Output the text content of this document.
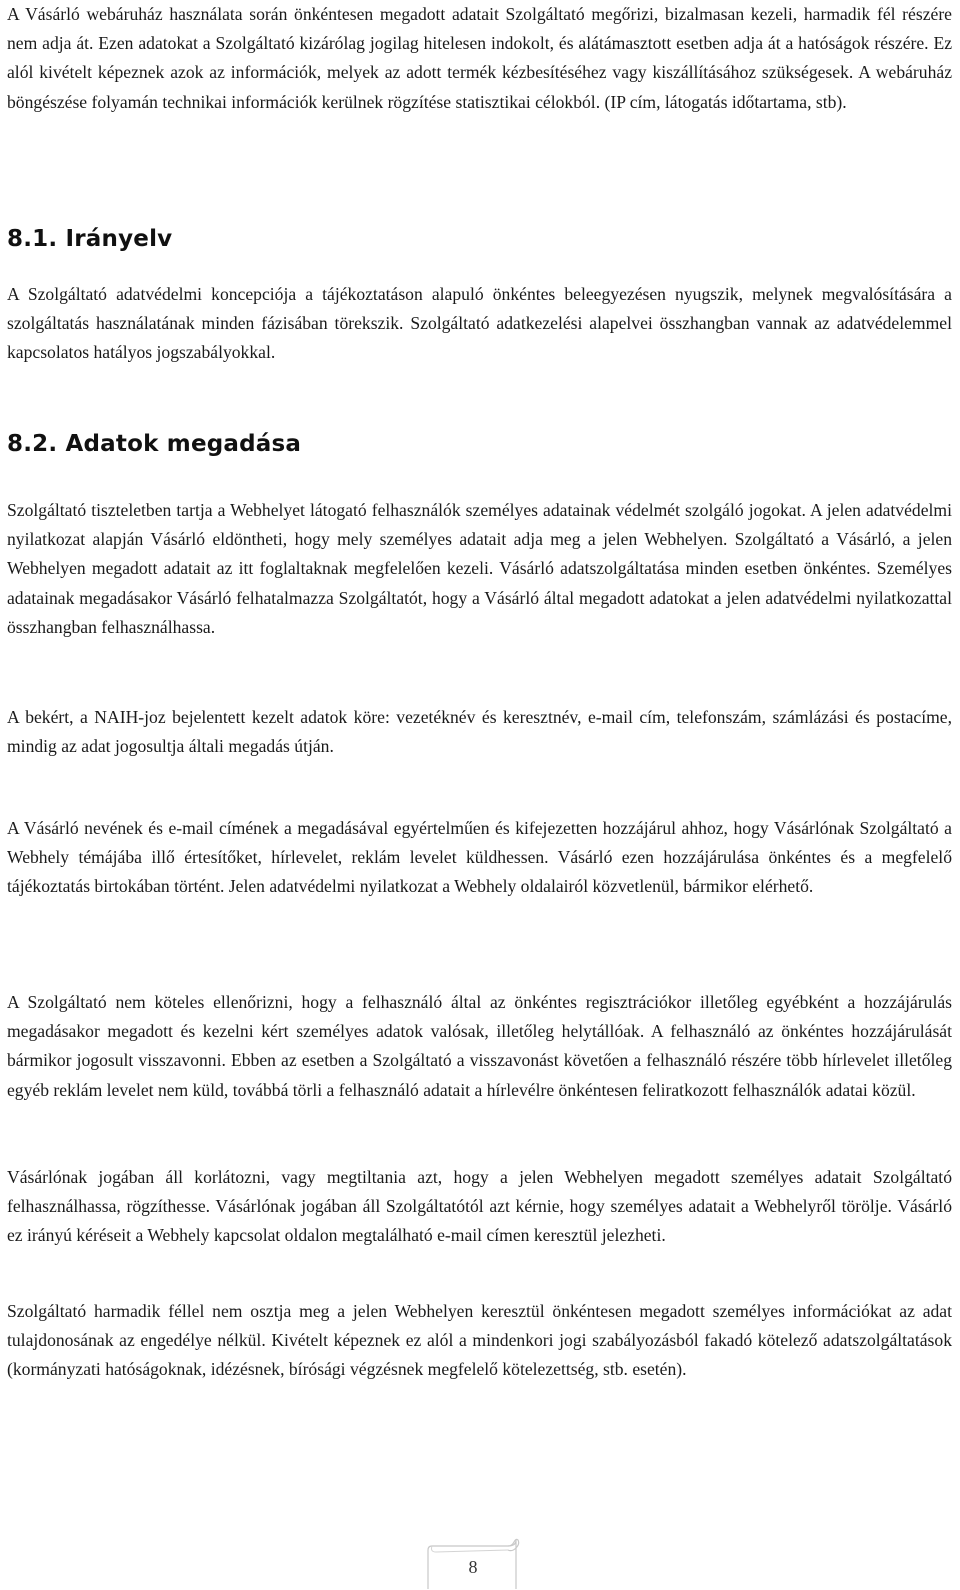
A Vásárló webáruház használata során önkéntesen megadott adatait Szolgáltató megőrizi, bizalmasan kezeli, harmadik fél részére nem adja át. Ezen adatokat a Szolgáltató kizárólag jogilag hitelesen indokolt, és alátámasztott esetben adja át a hatóságok részére. Ez alól kivételt képeznek azok az információk, melyek az adott termék kézbesítéséhez vagy kiszállításához szükségesek. A webáruház böngészése folyamán technikai információk kerülnek rögzítése statisztikai célokból. (IP cím, látogatás időtartama, stb).

8.1. Irányelv

A Szolgáltató adatvédelmi koncepciója a tájékoztatáson alapuló önkéntes beleegyezésen nyugszik, melynek megvalósítására a szolgáltatás használatának minden fázisában törekszik. Szolgáltató adatkezelési alapelvei összhangban vannak az adatvédelemmel kapcsolatos hatályos jogszabályokkal.

8.2. Adatok megadása

Szolgáltató tiszteletben tartja a Webhelyet látogató felhasználók személyes adatainak védelmét szolgáló jogokat. A jelen adatvédelmi nyilatkozat alapján Vásárló eldöntheti, hogy mely személyes adatait adja meg a jelen Webhelyen. Szolgáltató a Vásárló, a jelen Webhelyen megadott adatait az itt foglaltaknak megfelelően kezeli. Vásárló adatszolgáltatása minden esetben önkéntes. Személyes adatainak megadásakor Vásárló felhatalmazza Szolgáltatót, hogy a Vásárló által megadott adatokat a jelen adatvédelmi nyilatkozattal összhangban felhasználhassa.

A bekért, a NAIH-joz bejelentett kezelt adatok köre: vezetéknév és keresztnév, e-mail cím, telefonszám, számlázási és postacíme, mindig az adat jogosultja általi megadás útján.

A Vásárló nevének és e-mail címének a megadásával egyértelműen és kifejezetten hozzájárul ahhoz, hogy Vásárlónak Szolgáltató a Webhely témájába illő értesítőket, hírlevelet, reklám levelet küldhessen. Vásárló ezen hozzájárulása önkéntes és a megfelelő tájékoztatás birtokában történt. Jelen adatvédelmi nyilatkozat a Webhely oldalairól közvetlenül, bármikor elérhető.

A Szolgáltató nem köteles ellenőrizni, hogy a felhasználó által az önkéntes regisztrációkor illetőleg egyébként a hozzájárulás megadásakor megadott és kezelni kért személyes adatok valósak, illetőleg helytállóak. A felhasználó az önkéntes hozzájárulását bármikor jogosult visszavonni. Ebben az esetben a Szolgáltató a visszavonást követően a felhasználó részére több hírlevelet illetőleg egyéb reklám levelet nem küld, továbbá törli a felhasználó adatait a hírlevélre önkéntesen feliratkozott felhasználók adatai közül.

Vásárlónak jogában áll korlátozni, vagy megtiltania azt, hogy a jelen Webhelyen megadott személyes adatait Szolgáltató felhasználhassa, rögzíthesse. Vásárlónak jogában áll Szolgáltatótól azt kérnie, hogy személyes adatait a Webhelyről törölje. Vásárló ez irányú kéréseit a Webhely kapcsolat oldalon megtalálható e-mail címen keresztül jelezheti.

Szolgáltató harmadik féllel nem osztja meg a jelen Webhelyen keresztül önkéntesen megadott személyes információkat az adat tulajdonosának az engedélye nélkül. Kivételt képeznek ez alól a mindenkori jogi szabályozásból fakadó kötelező adatszolgáltatások (kormányzati hatóságoknak, idézésnek, bírósági végzésnek megfelelő kötelezettség, stb. esetén).

8
